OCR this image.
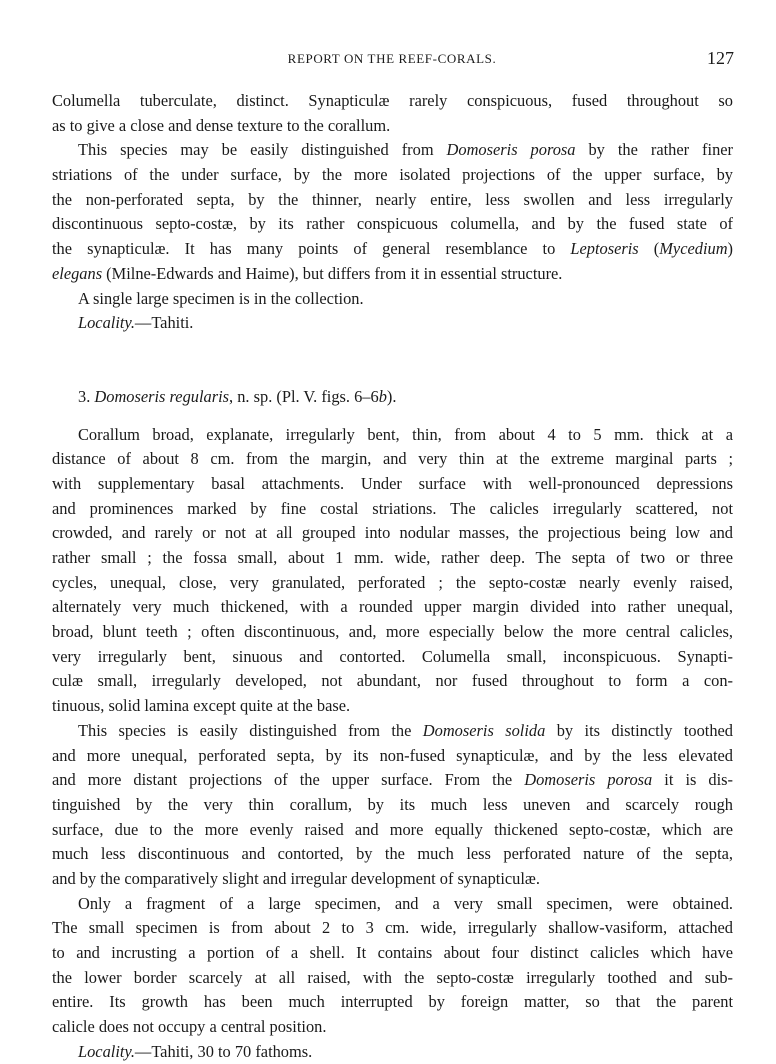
REPORT ON THE REEF-CORALS.	127
Columella tuberculate, distinct. Synapticulæ rarely conspicuous, fused throughout so
as to give a close and dense texture to the corallum.
This species may be easily distinguished from Domoseris porosa by the rather finer
striations of the under surface, by the more isolated projections of the upper surface, by
the non-perforated septa, by the thinner, nearly entire, less swollen and less irregularly
discontinuous septo-costæ, by its rather conspicuous columella, and by the fused state of
the synapticulæ. It has many points of general resemblance to Leptoseris (Mycedium)
elegans (Milne-Edwards and Haime), but differs from it in essential structure.
A single large specimen is in the collection.
Locality.—Tahiti.
3. Domoseris regularis, n. sp. (Pl. V. figs. 6–6b).
Corallum broad, explanate, irregularly bent, thin, from about 4 to 5 mm. thick at a
distance of about 8 cm. from the margin, and very thin at the extreme marginal parts ;
with supplementary basal attachments. Under surface with well-pronounced depressions
and prominences marked by fine costal striations. The calicles irregularly scattered, not
crowded, and rarely or not at all grouped into nodular masses, the projectious being low and
rather small ; the fossa small, about 1 mm. wide, rather deep. The septa of two or three
cycles, unequal, close, very granulated, perforated ; the septo-costæ nearly evenly raised,
alternately very much thickened, with a rounded upper margin divided into rather unequal,
broad, blunt teeth ; often discontinuous, and, more especially below the more central calicles,
very irregularly bent, sinuous and contorted. Columella small, inconspicuous. Synapti-
culæ small, irregularly developed, not abundant, nor fused throughout to form a con-
tinuous, solid lamina except quite at the base.
This species is easily distinguished from the Domoseris solida by its distinctly toothed
and more unequal, perforated septa, by its non-fused synapticulæ, and by the less elevated
and more distant projections of the upper surface. From the Domoseris porosa it is dis-
tinguished by the very thin corallum, by its much less uneven and scarcely rough
surface, due to the more evenly raised and more equally thickened septo-costæ, which are
much less discontinuous and contorted, by the much less perforated nature of the septa,
and by the comparatively slight and irregular development of synapticulæ.
Only a fragment of a large specimen, and a very small specimen, were obtained.
The small specimen is from about 2 to 3 cm. wide, irregularly shallow-vasiform, attached
to and incrusting a portion of a shell. It contains about four distinct calicles which have
the lower border scarcely at all raised, with the septo-costæ irregularly toothed and sub-
entire. Its growth has been much interrupted by foreign matter, so that the parent
calicle does not occupy a central position.
Locality.—Tahiti, 30 to 70 fathoms.
